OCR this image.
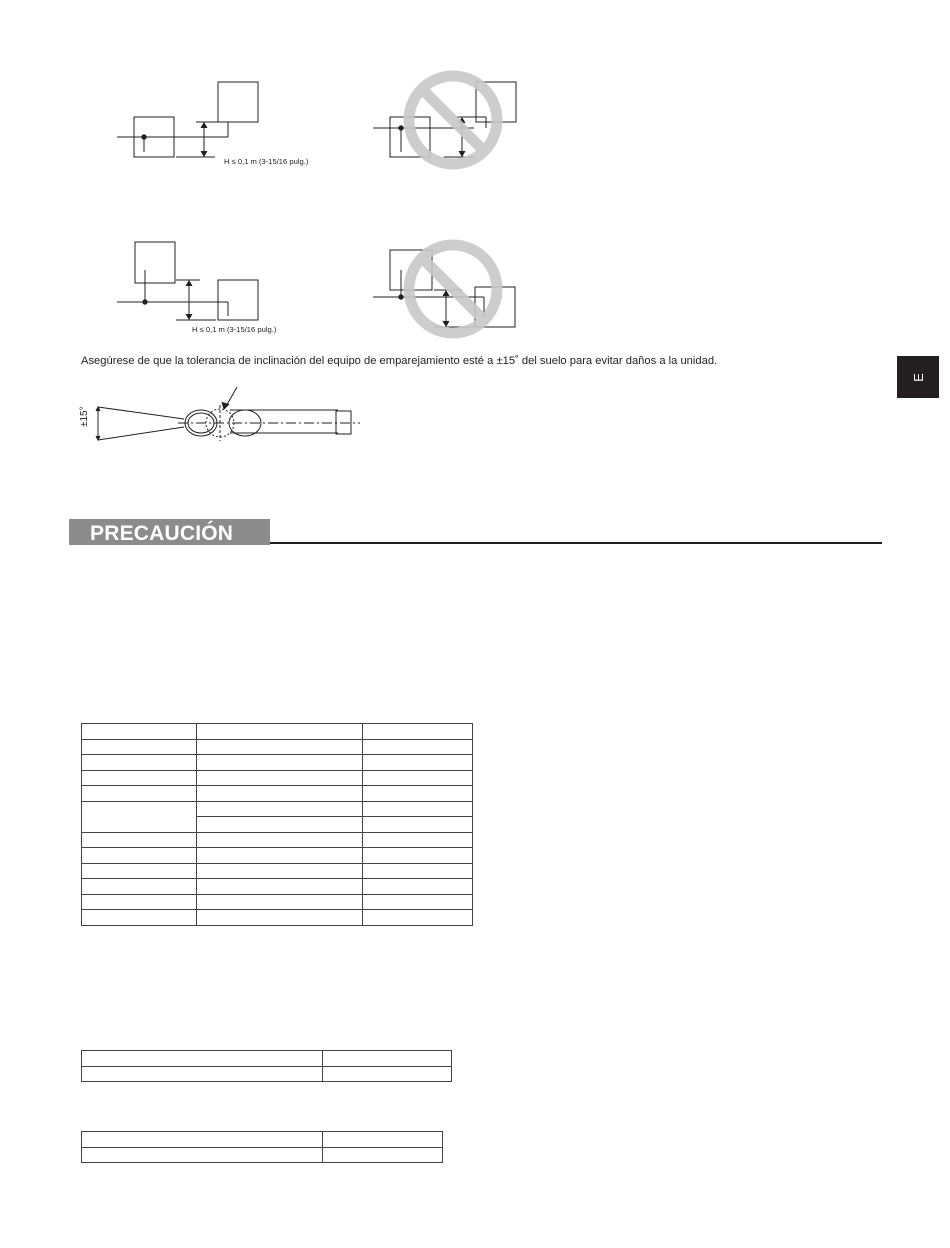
E
H ≤ 0,1 m (3-15/16 pulg.)
H ≤ 0,1 m (3-15/16 pulg.)
Asegúrese de que la tolerancia de inclinación del equipo de emparejamiento esté a ±15˚ del suelo para evitar daños a la unidad.
±15°
PRECAUCIÓN
